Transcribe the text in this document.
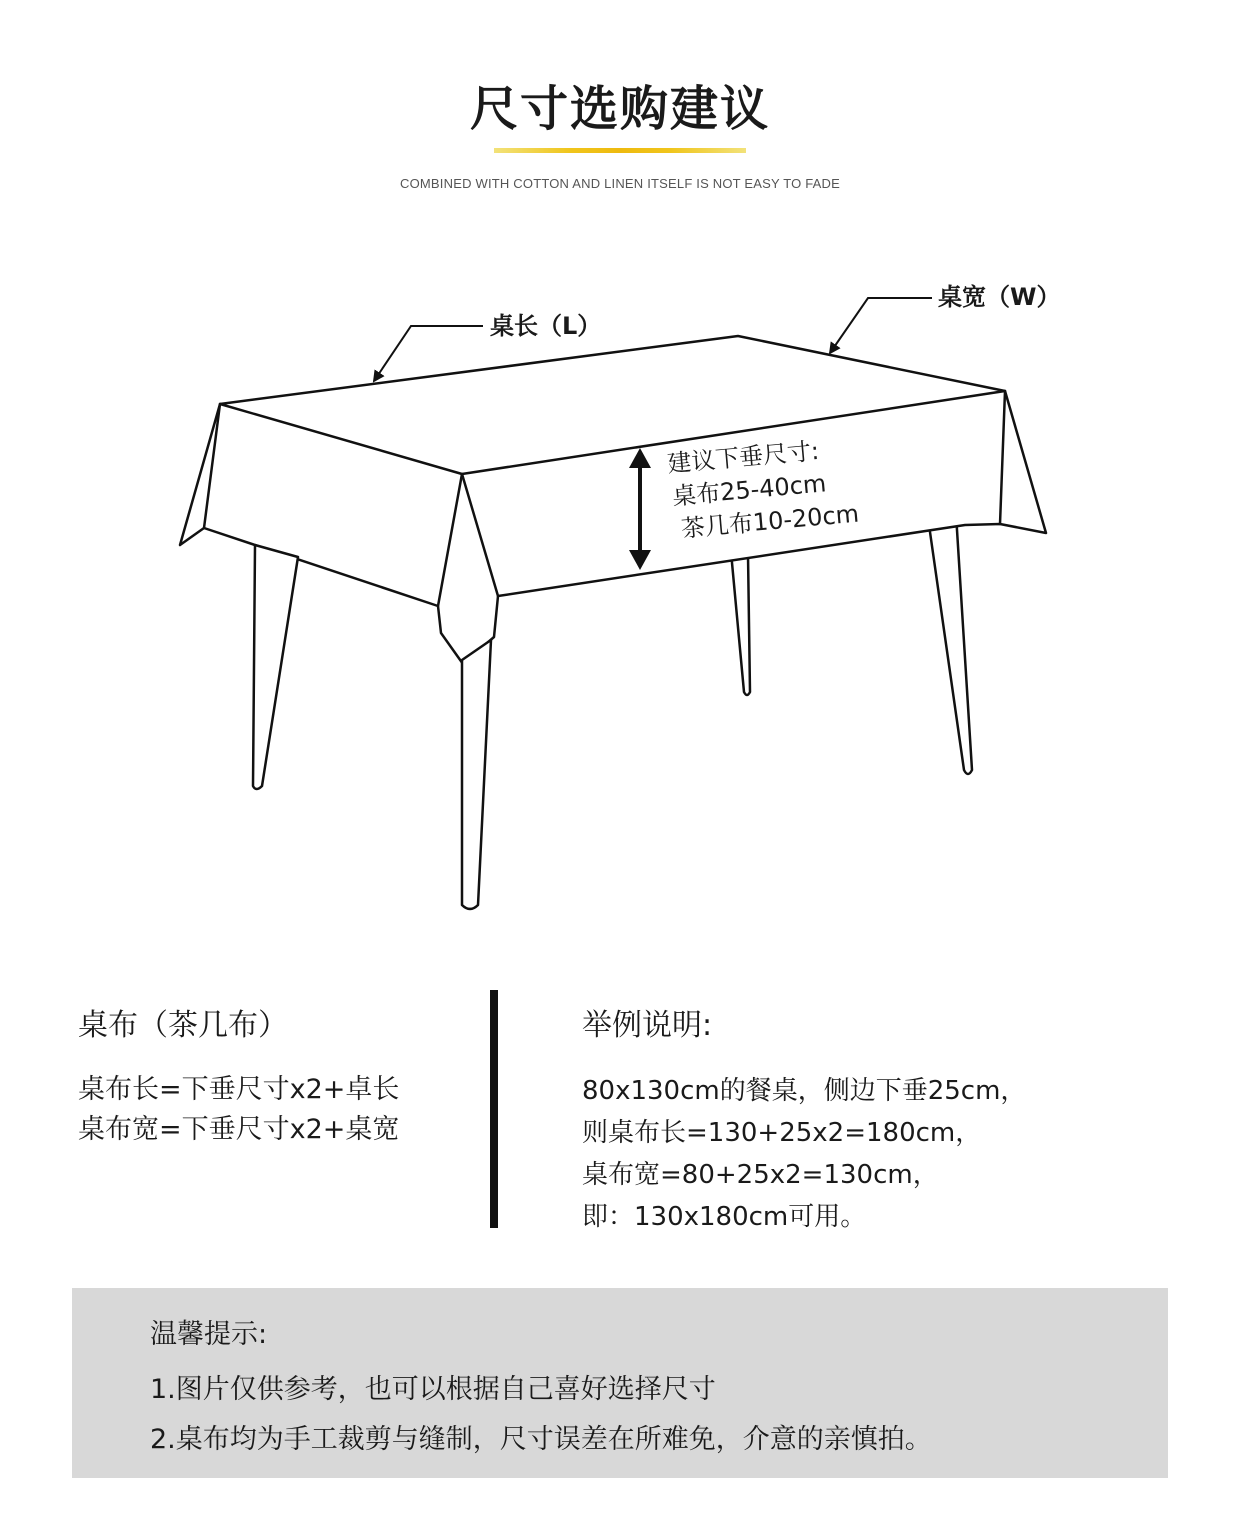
尺寸选购建议
COMBINED WITH COTTON AND LINEN ITSELF IS NOT EASY TO FADE
桌长（L）
桌宽（W）
建议下垂尺寸:
桌布25-40cm
茶几布10-20cm
桌布（茶几布）
桌布长=下垂尺寸x2+卓长
桌布宽=下垂尺寸x2+桌宽
举例说明:
80x130cm的餐桌，侧边下垂25cm，
则桌布长=130+25x2=180cm，
桌布宽=80+25x2=130cm，
即：130x180cm可用。
温馨提示:
1.图片仅供参考，也可以根据自己喜好选择尺寸
2.桌布均为手工裁剪与缝制，尺寸误差在所难免，介意的亲慎拍。
